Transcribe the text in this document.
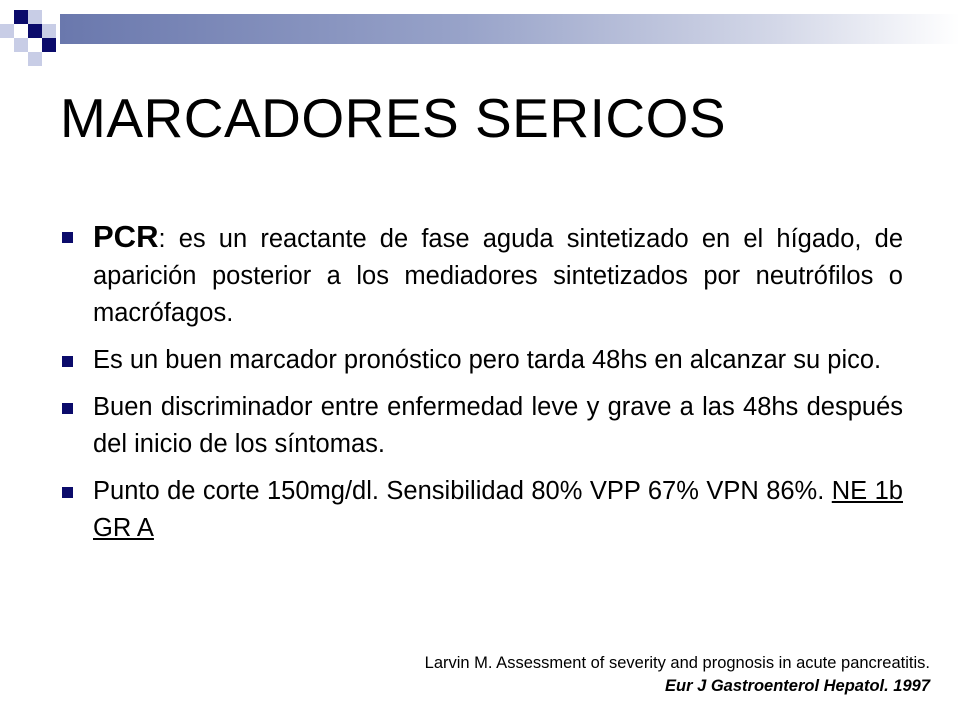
MARCADORES SERICOS
PCR: es un reactante de fase aguda sintetizado en el hígado, de aparición posterior a los mediadores sintetizados por neutrófilos o macrófagos.
Es un buen marcador pronóstico pero tarda 48hs en alcanzar su pico.
Buen discriminador entre enfermedad leve y grave a las 48hs después del inicio de los síntomas.
Punto de corte 150mg/dl. Sensibilidad 80% VPP 67% VPN 86%. NE 1b GR A
Larvin M. Assessment of severity and prognosis in acute pancreatitis.
Eur J Gastroenterol Hepatol. 1997
